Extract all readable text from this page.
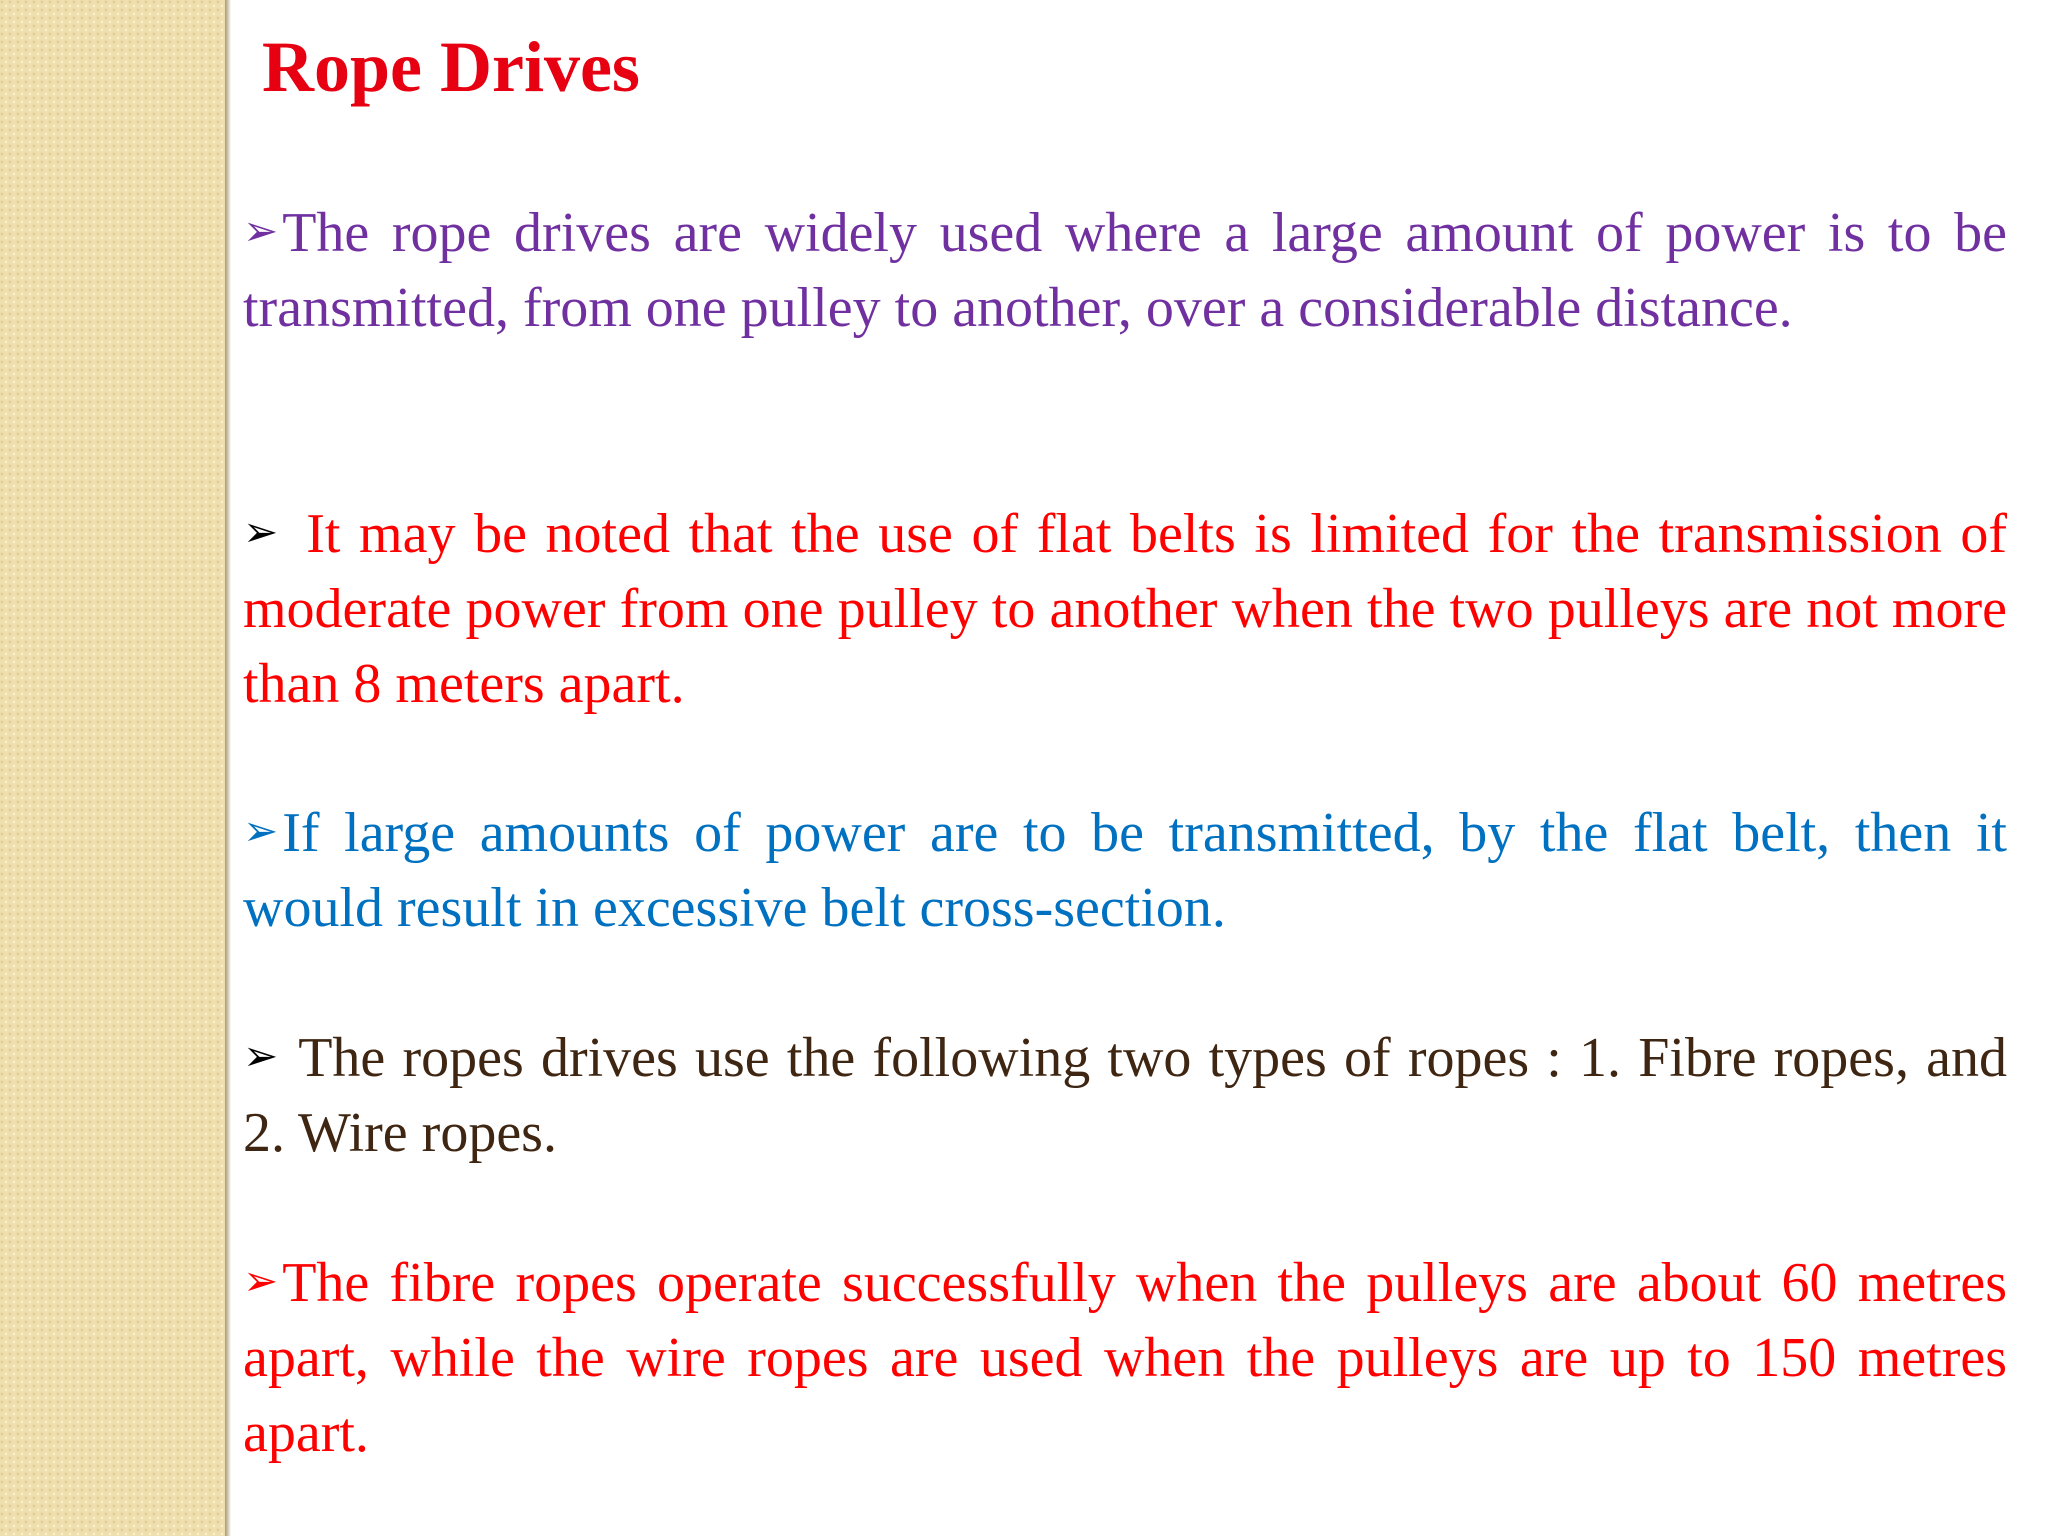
Rope Drives

➢The rope drives are widely used where a large amount of power is to be transmitted, from one pulley to another, over a considerable distance.

➢ It may be noted that the use of flat belts is limited for the transmission of moderate power from one pulley to another when the two pulleys are not more than 8 meters apart.

➢If large amounts of power are to be transmitted, by the flat belt, then it would result in excessive belt cross-section.

➢ The ropes drives use the following two types of ropes : 1. Fibre ropes, and 2. Wire ropes.

➢The fibre ropes operate successfully when the pulleys are about 60 metres apart, while the wire ropes are used when the pulleys are up to 150 metres apart.
